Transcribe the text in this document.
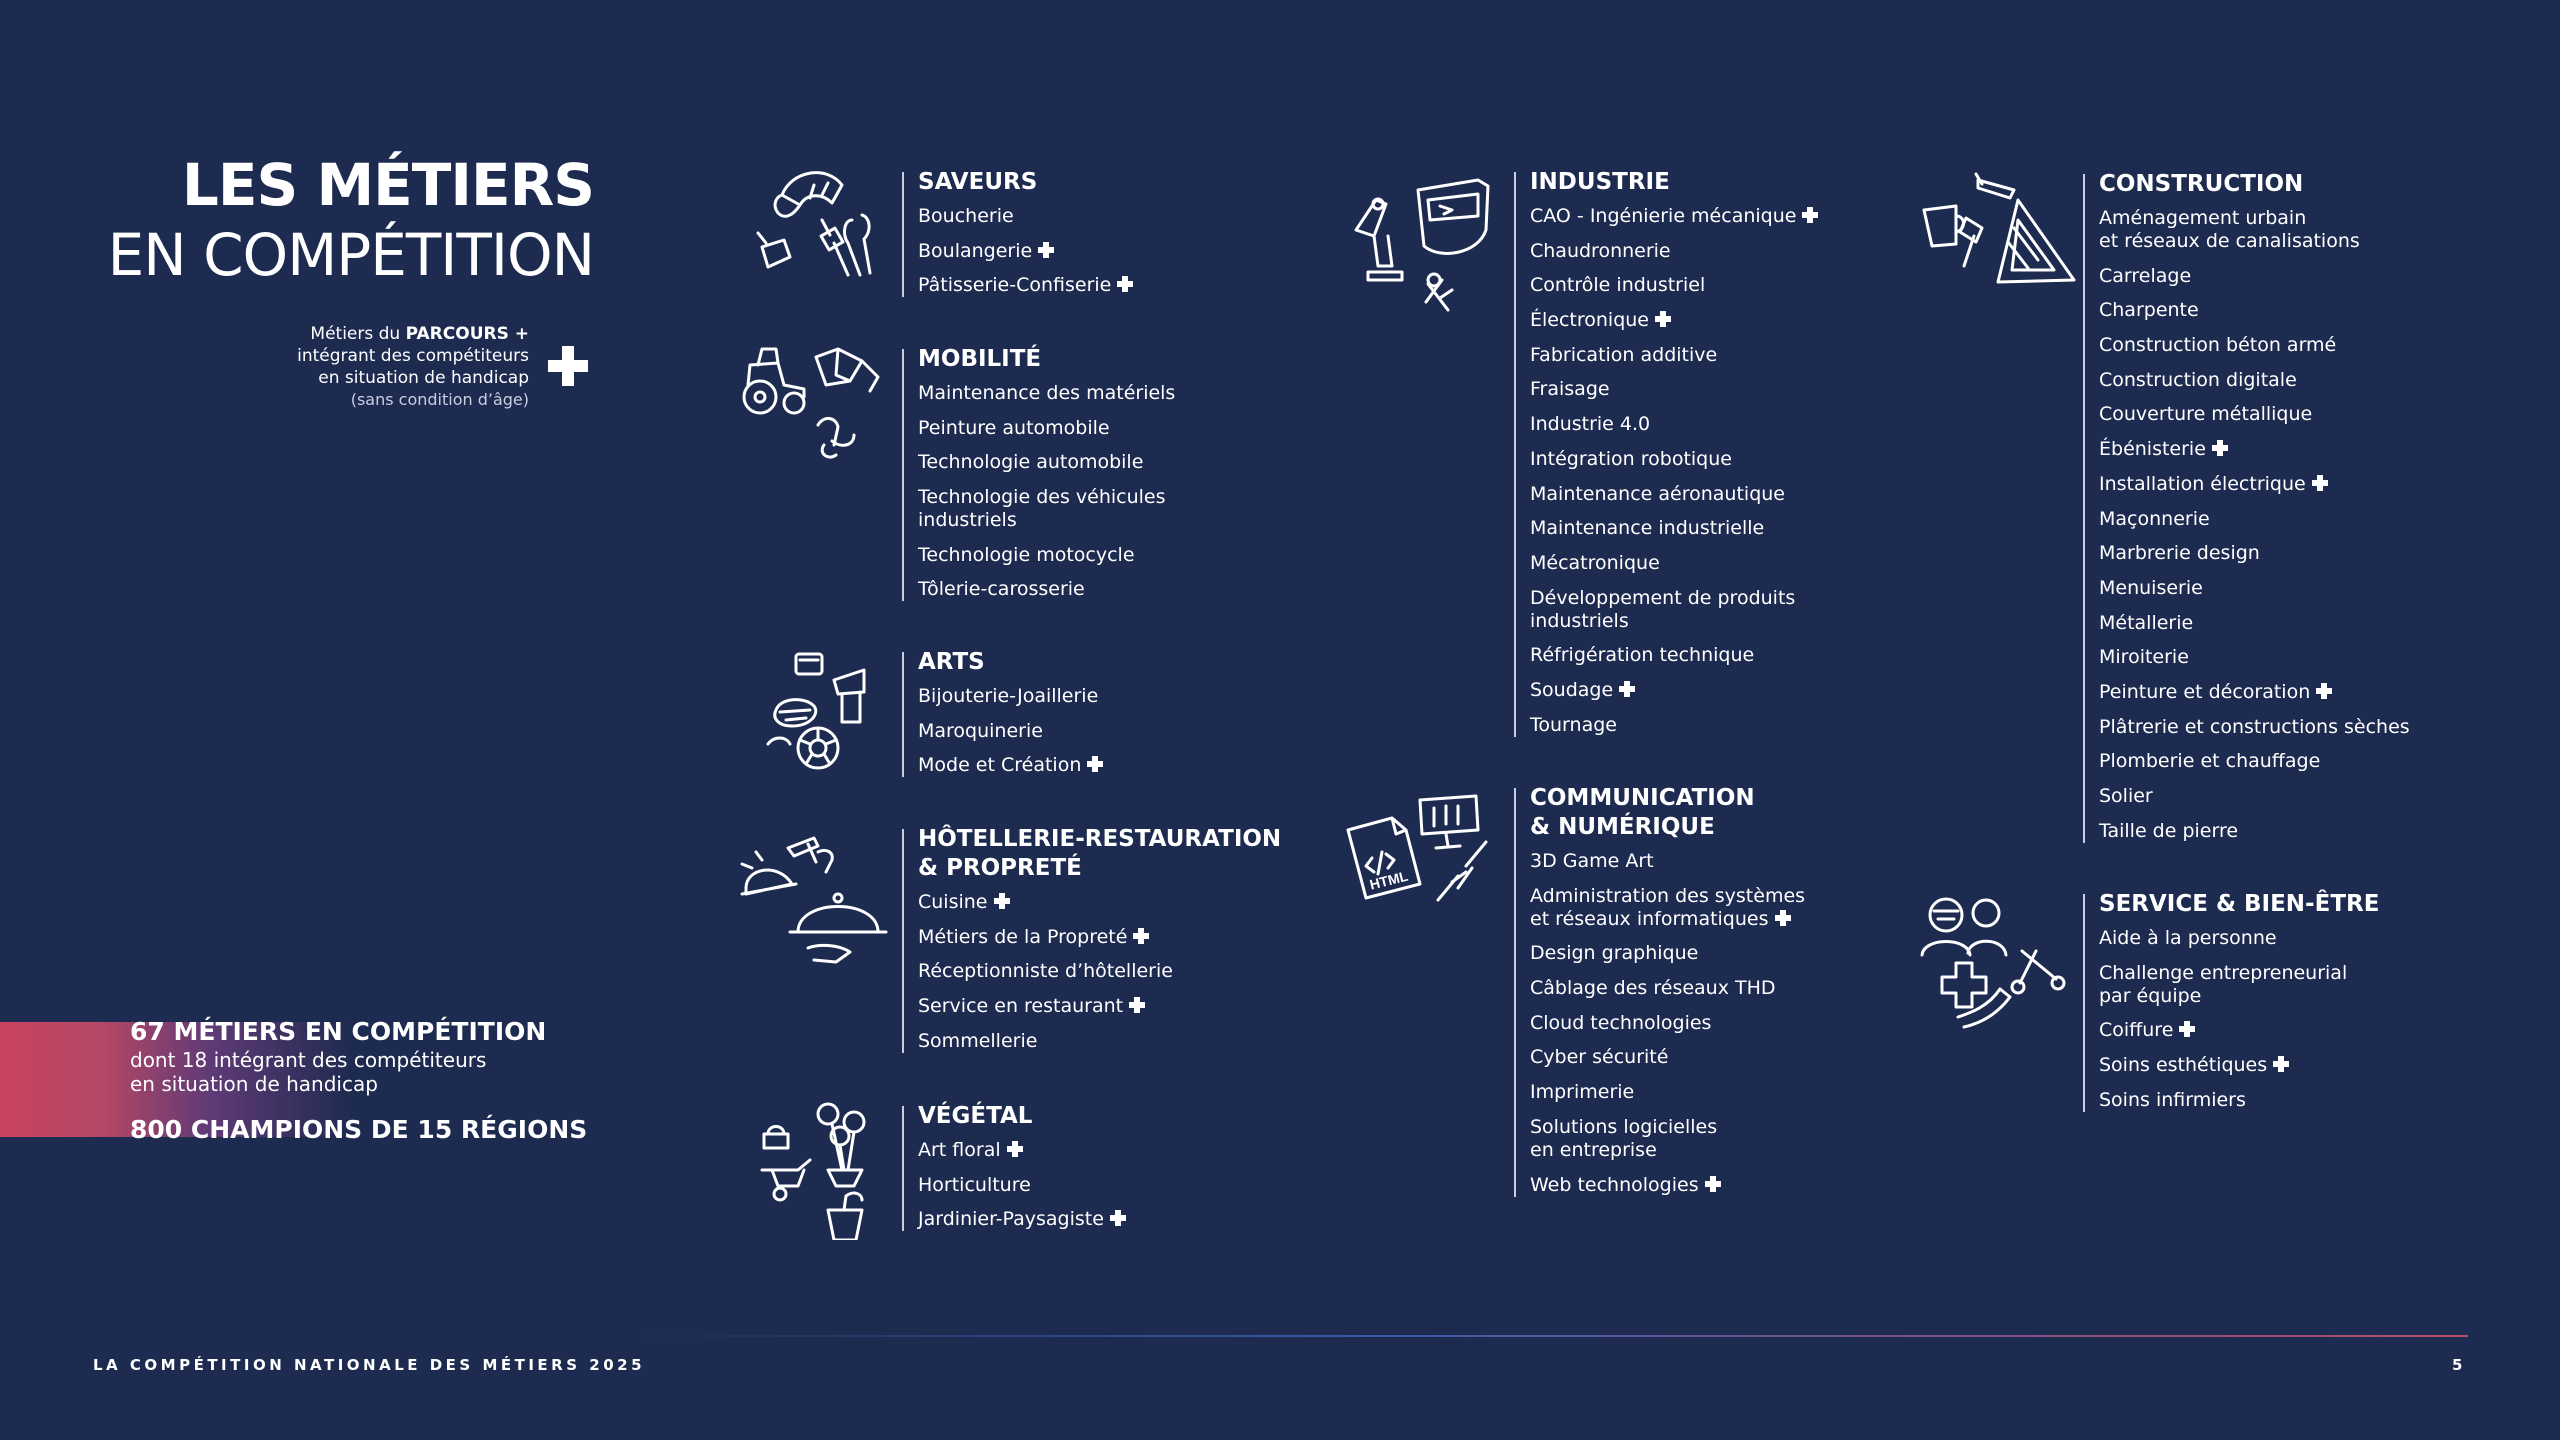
LES MÉTIERS
EN COMPÉTITION
Métiers du PARCOURS +
intégrant des compétiteurs
en situation de handicap
(sans condition d’âge)
67 MÉTIERS EN COMPÉTITION
dont 18 intégrant des compétiteurs
en situation de handicap
800 CHAMPIONS DE 15 RÉGIONS
SAVEURS
Boucherie
Boulangerie
Pâtisserie-Confiserie
MOBILITÉ
Maintenance des matériels
Peinture automobile
Technologie automobile
Technologie des véhicules
industriels
Technologie motocycle
Tôlerie-carosserie
ARTS
Bijouterie-Joaillerie
Maroquinerie
Mode et Création
HÔTELLERIE-RESTAURATION
& PROPRETÉ
Cuisine
Métiers de la Propreté
Réceptionniste d’hôtellerie
Service en restaurant
Sommellerie
VÉGÉTAL
Art floral
Horticulture
Jardinier-Paysagiste
INDUSTRIE
CAO - Ingénierie mécanique
Chaudronnerie
Contrôle industriel
Électronique
Fabrication additive
Fraisage
Industrie 4.0
Intégration robotique
Maintenance aéronautique
Maintenance industrielle
Mécatronique
Développement de produits
industriels
Réfrigération technique
Soudage
Tournage
HTML
COMMUNICATION
& NUMÉRIQUE
3D Game Art
Administration des systèmes
et réseaux informatiques
Design graphique
Câblage des réseaux THD
Cloud technologies
Cyber sécurité
Imprimerie
Solutions logicielles
en entreprise
Web technologies
CONSTRUCTION
Aménagement urbain
et réseaux de canalisations
Carrelage
Charpente
Construction béton armé
Construction digitale
Couverture métallique
Ébénisterie
Installation électrique
Maçonnerie
Marbrerie design
Menuiserie
Métallerie
Miroiterie
Peinture et décoration
Plâtrerie et constructions sèches
Plomberie et chauffage
Solier
Taille de pierre
SERVICE & BIEN-ÊTRE
Aide à la personne
Challenge entrepreneurial
par équipe
Coiffure
Soins esthétiques
Soins infirmiers
LA COMPÉTITION NATIONALE DES MÉTIERS 2025	5
